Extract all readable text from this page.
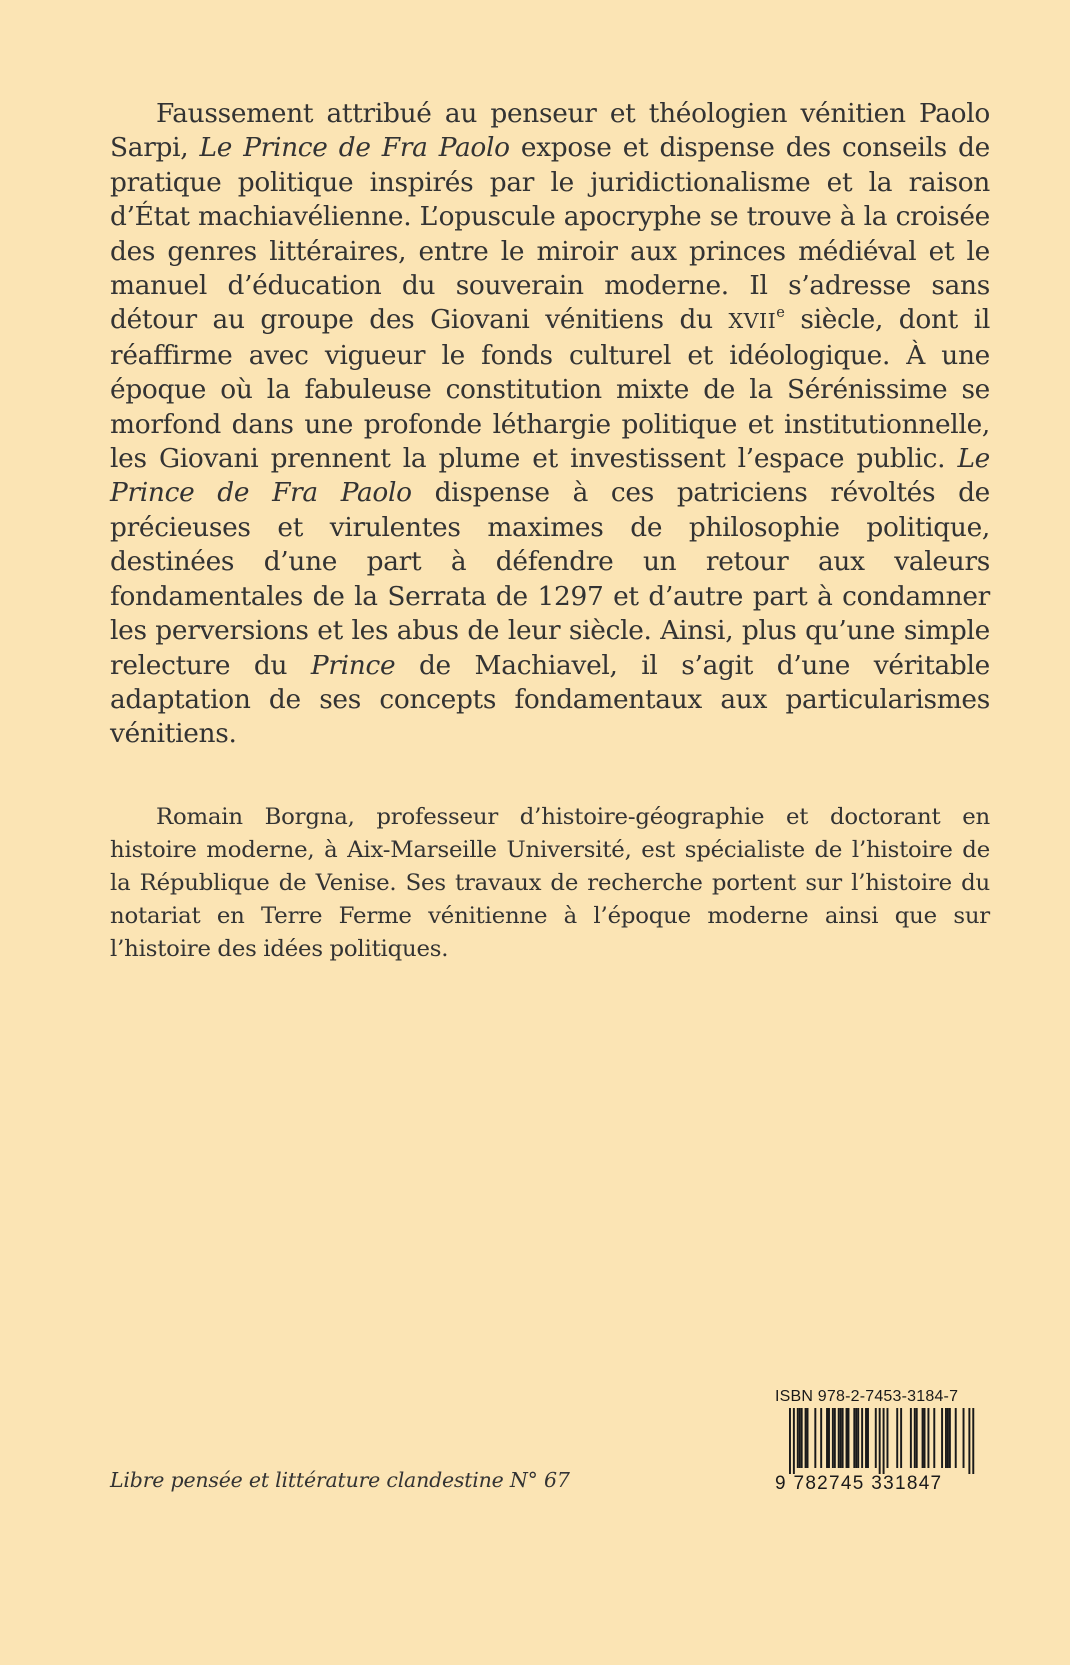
Faussement attribué au penseur et théologien vénitien Paolo Sarpi, Le Prince de Fra Paolo expose et dispense des conseils de pratique politique inspirés par le juridictionalisme et la raison d’État machiavélienne. L’opuscule apocryphe se trouve à la croisée des genres littéraires, entre le miroir aux princes médiéval et le manuel d’éducation du souverain moderne. Il s’adresse sans détour au groupe des Giovani vénitiens du XVIIe siècle, dont il réaffirme avec vigueur le fonds culturel et idéologique. À une époque où la fabuleuse constitution mixte de la Sérénissime se morfond dans une profonde léthargie politique et institutionnelle, les Giovani prennent la plume et investissent l’espace public. Le Prince de Fra Paolo dispense à ces patriciens révoltés de précieuses et virulentes maximes de philosophie politique, destinées d’une part à défendre un retour aux valeurs fondamentales de la Serrata de 1297 et d’autre part à condamner les perversions et les abus de leur siècle. Ainsi, plus qu’une simple relecture du Prince de Machiavel, il s’agit d’une véritable adaptation de ses concepts fondamentaux aux particularismes vénitiens.

Romain Borgna, professeur d’histoire-géographie et doctorant en histoire moderne, à Aix-Marseille Université, est spécialiste de l’histoire de la République de Venise. Ses travaux de recherche portent sur l’histoire du notariat en Terre Ferme vénitienne à l’époque moderne ainsi que sur l’histoire des idées politiques.

Libre pensée et littérature clandestine N° 67
ISBN 978-2-7453-3184-7
9 782745 331847
